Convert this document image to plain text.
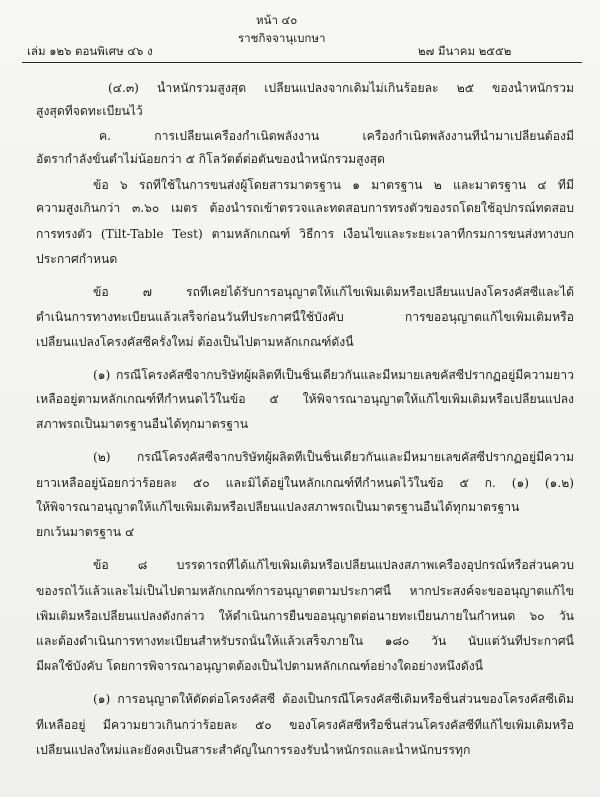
หน้า ๔๐
ราชกิจจานุเบกษา
เล่ม ๑๒๖ ตอนพิเศษ ๔๖ ง	๒๗ มีนาคม ๒๕๕๒
(๔.๓) น้ำหนักรวมสูงสุด เปลี่ยนแปลงจากเดิมไม่เกินร้อยละ ๒๕ ของน้ำหนักรวม
สูงสุดที่จดทะเบียนไว้
ค. การเปลี่ยนเครื่องกำเนิดพลังงาน เครื่องกำเนิดพลังงานที่นำมาเปลี่ยนต้องมี
อัตรากำลังขั้นต่ำไม่น้อยกว่า ๕ กิโลวัตต์ต่อตันของน้ำหนักรวมสูงสุด
ข้อ ๖ รถที่ใช้ในการขนส่งผู้โดยสารมาตรฐาน ๑ มาตรฐาน ๒ และมาตรฐาน ๔ ที่มี
ความสูงเกินกว่า ๓.๖๐ เมตร ต้องนำรถเข้าตรวจและทดสอบการทรงตัวของรถโดยใช้อุปกรณ์ทดสอบ
การทรงตัว (Tilt-Table Test) ตามหลักเกณฑ์ วิธีการ เงื่อนไขและระยะเวลาที่กรมการขนส่งทางบก
ประกาศกำหนด
ข้อ ๗ รถที่เคยได้รับการอนุญาตให้แก้ไขเพิ่มเติมหรือเปลี่ยนแปลงโครงคัสซีและได้
ดำเนินการทางทะเบียนแล้วเสร็จก่อนวันที่ประกาศนี้ใช้บังคับ การขออนุญาตแก้ไขเพิ่มเติมหรือ
เปลี่ยนแปลงโครงคัสซีครั้งใหม่ ต้องเป็นไปตามหลักเกณฑ์ดังนี้
(๑) กรณีโครงคัสซีจากบริษัทผู้ผลิตที่เป็นชิ้นเดียวกันและมีหมายเลขคัสซีปรากฏอยู่มีความยาว
เหลืออยู่ตามหลักเกณฑ์ที่กำหนดไว้ในข้อ ๕ ให้พิจารณาอนุญาตให้แก้ไขเพิ่มเติมหรือเปลี่ยนแปลง
สภาพรถเป็นมาตรฐานอื่นได้ทุกมาตรฐาน
(๒) กรณีโครงคัสซีจากบริษัทผู้ผลิตที่เป็นชิ้นเดียวกันและมีหมายเลขคัสซีปรากฏอยู่มีความ
ยาวเหลืออยู่น้อยกว่าร้อยละ ๕๐ และมิได้อยู่ในหลักเกณฑ์ที่กำหนดไว้ในข้อ ๕ ก. (๑) (๑.๒)
ให้พิจารณาอนุญาตให้แก้ไขเพิ่มเติมหรือเปลี่ยนแปลงสภาพรถเป็นมาตรฐานอื่นได้ทุกมาตรฐาน
ยกเว้นมาตรฐาน ๔
ข้อ ๘ บรรดารถที่ได้แก้ไขเพิ่มเติมหรือเปลี่ยนแปลงสภาพเครื่องอุปกรณ์หรือส่วนควบ
ของรถไว้แล้วและไม่เป็นไปตามหลักเกณฑ์การอนุญาตตามประกาศนี้ หากประสงค์จะขออนุญาตแก้ไข
เพิ่มเติมหรือเปลี่ยนแปลงดังกล่าว ให้ดำเนินการยื่นขออนุญาตต่อนายทะเบียนภายในกำหนด ๖๐ วัน
และต้องดำเนินการทางทะเบียนสำหรับรถนั้นให้แล้วเสร็จภายใน ๑๘๐ วัน นับแต่วันที่ประกาศนี้
มีผลใช้บังคับ โดยการพิจารณาอนุญาตต้องเป็นไปตามหลักเกณฑ์อย่างใดอย่างหนึ่งดังนี้
(๑) การอนุญาตให้ตัดต่อโครงคัสซี ต้องเป็นกรณีโครงคัสซีเดิมหรือชิ้นส่วนของโครงคัสซีเดิม
ที่เหลืออยู่ มีความยาวเกินกว่าร้อยละ ๕๐ ของโครงคัสซีหรือชิ้นส่วนโครงคัสซีที่แก้ไขเพิ่มเติมหรือ
เปลี่ยนแปลงใหม่และยังคงเป็นสาระสำคัญในการรองรับน้ำหนักรถและน้ำหนักบรรทุก
